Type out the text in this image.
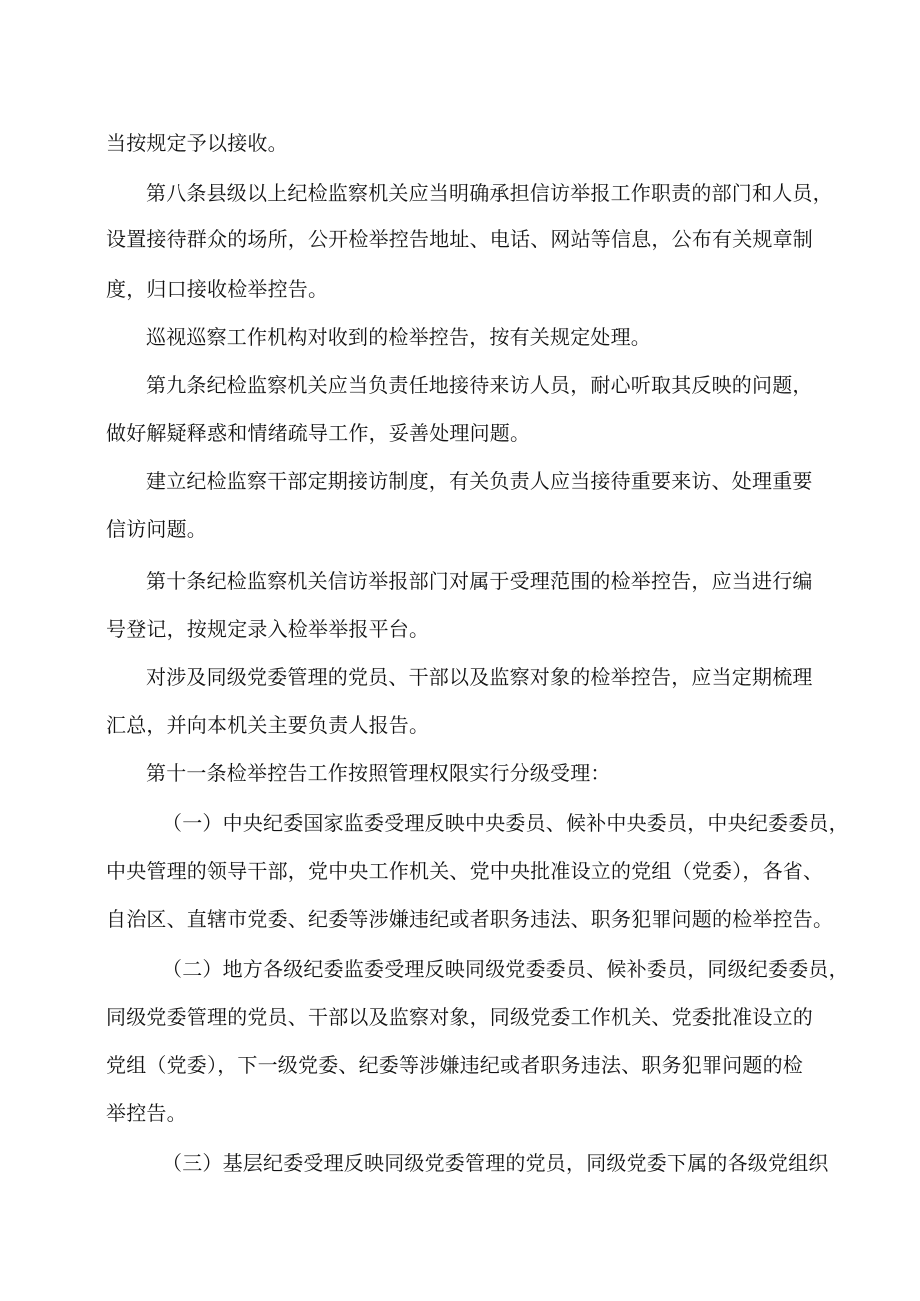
当按规定予以接收。
第八条县级以上纪检监察机关应当明确承担信访举报工作职责的部门和人员，
设置接待群众的场所，公开检举控告地址、电话、网站等信息，公布有关规章制
度，归口接收检举控告。
巡视巡察工作机构对收到的检举控告，按有关规定处理。
第九条纪检监察机关应当负责任地接待来访人员，耐心听取其反映的问题，
做好解疑释惑和情绪疏导工作，妥善处理问题。
建立纪检监察干部定期接访制度，有关负责人应当接待重要来访、处理重要
信访问题。
第十条纪检监察机关信访举报部门对属于受理范围的检举控告，应当进行编
号登记，按规定录入检举举报平台。
对涉及同级党委管理的党员、干部以及监察对象的检举控告，应当定期梳理
汇总，并向本机关主要负责人报告。
第十一条检举控告工作按照管理权限实行分级受理：
（一）中央纪委国家监委受理反映中央委员、候补中央委员，中央纪委委员，
中央管理的领导干部，党中央工作机关、党中央批准设立的党组（党委），各省、
自治区、直辖市党委、纪委等涉嫌违纪或者职务违法、职务犯罪问题的检举控告。
（二）地方各级纪委监委受理反映同级党委委员、候补委员，同级纪委委员，
同级党委管理的党员、干部以及监察对象，同级党委工作机关、党委批准设立的
党组（党委），下一级党委、纪委等涉嫌违纪或者职务违法、职务犯罪问题的检
举控告。
（三）基层纪委受理反映同级党委管理的党员，同级党委下属的各级党组织
